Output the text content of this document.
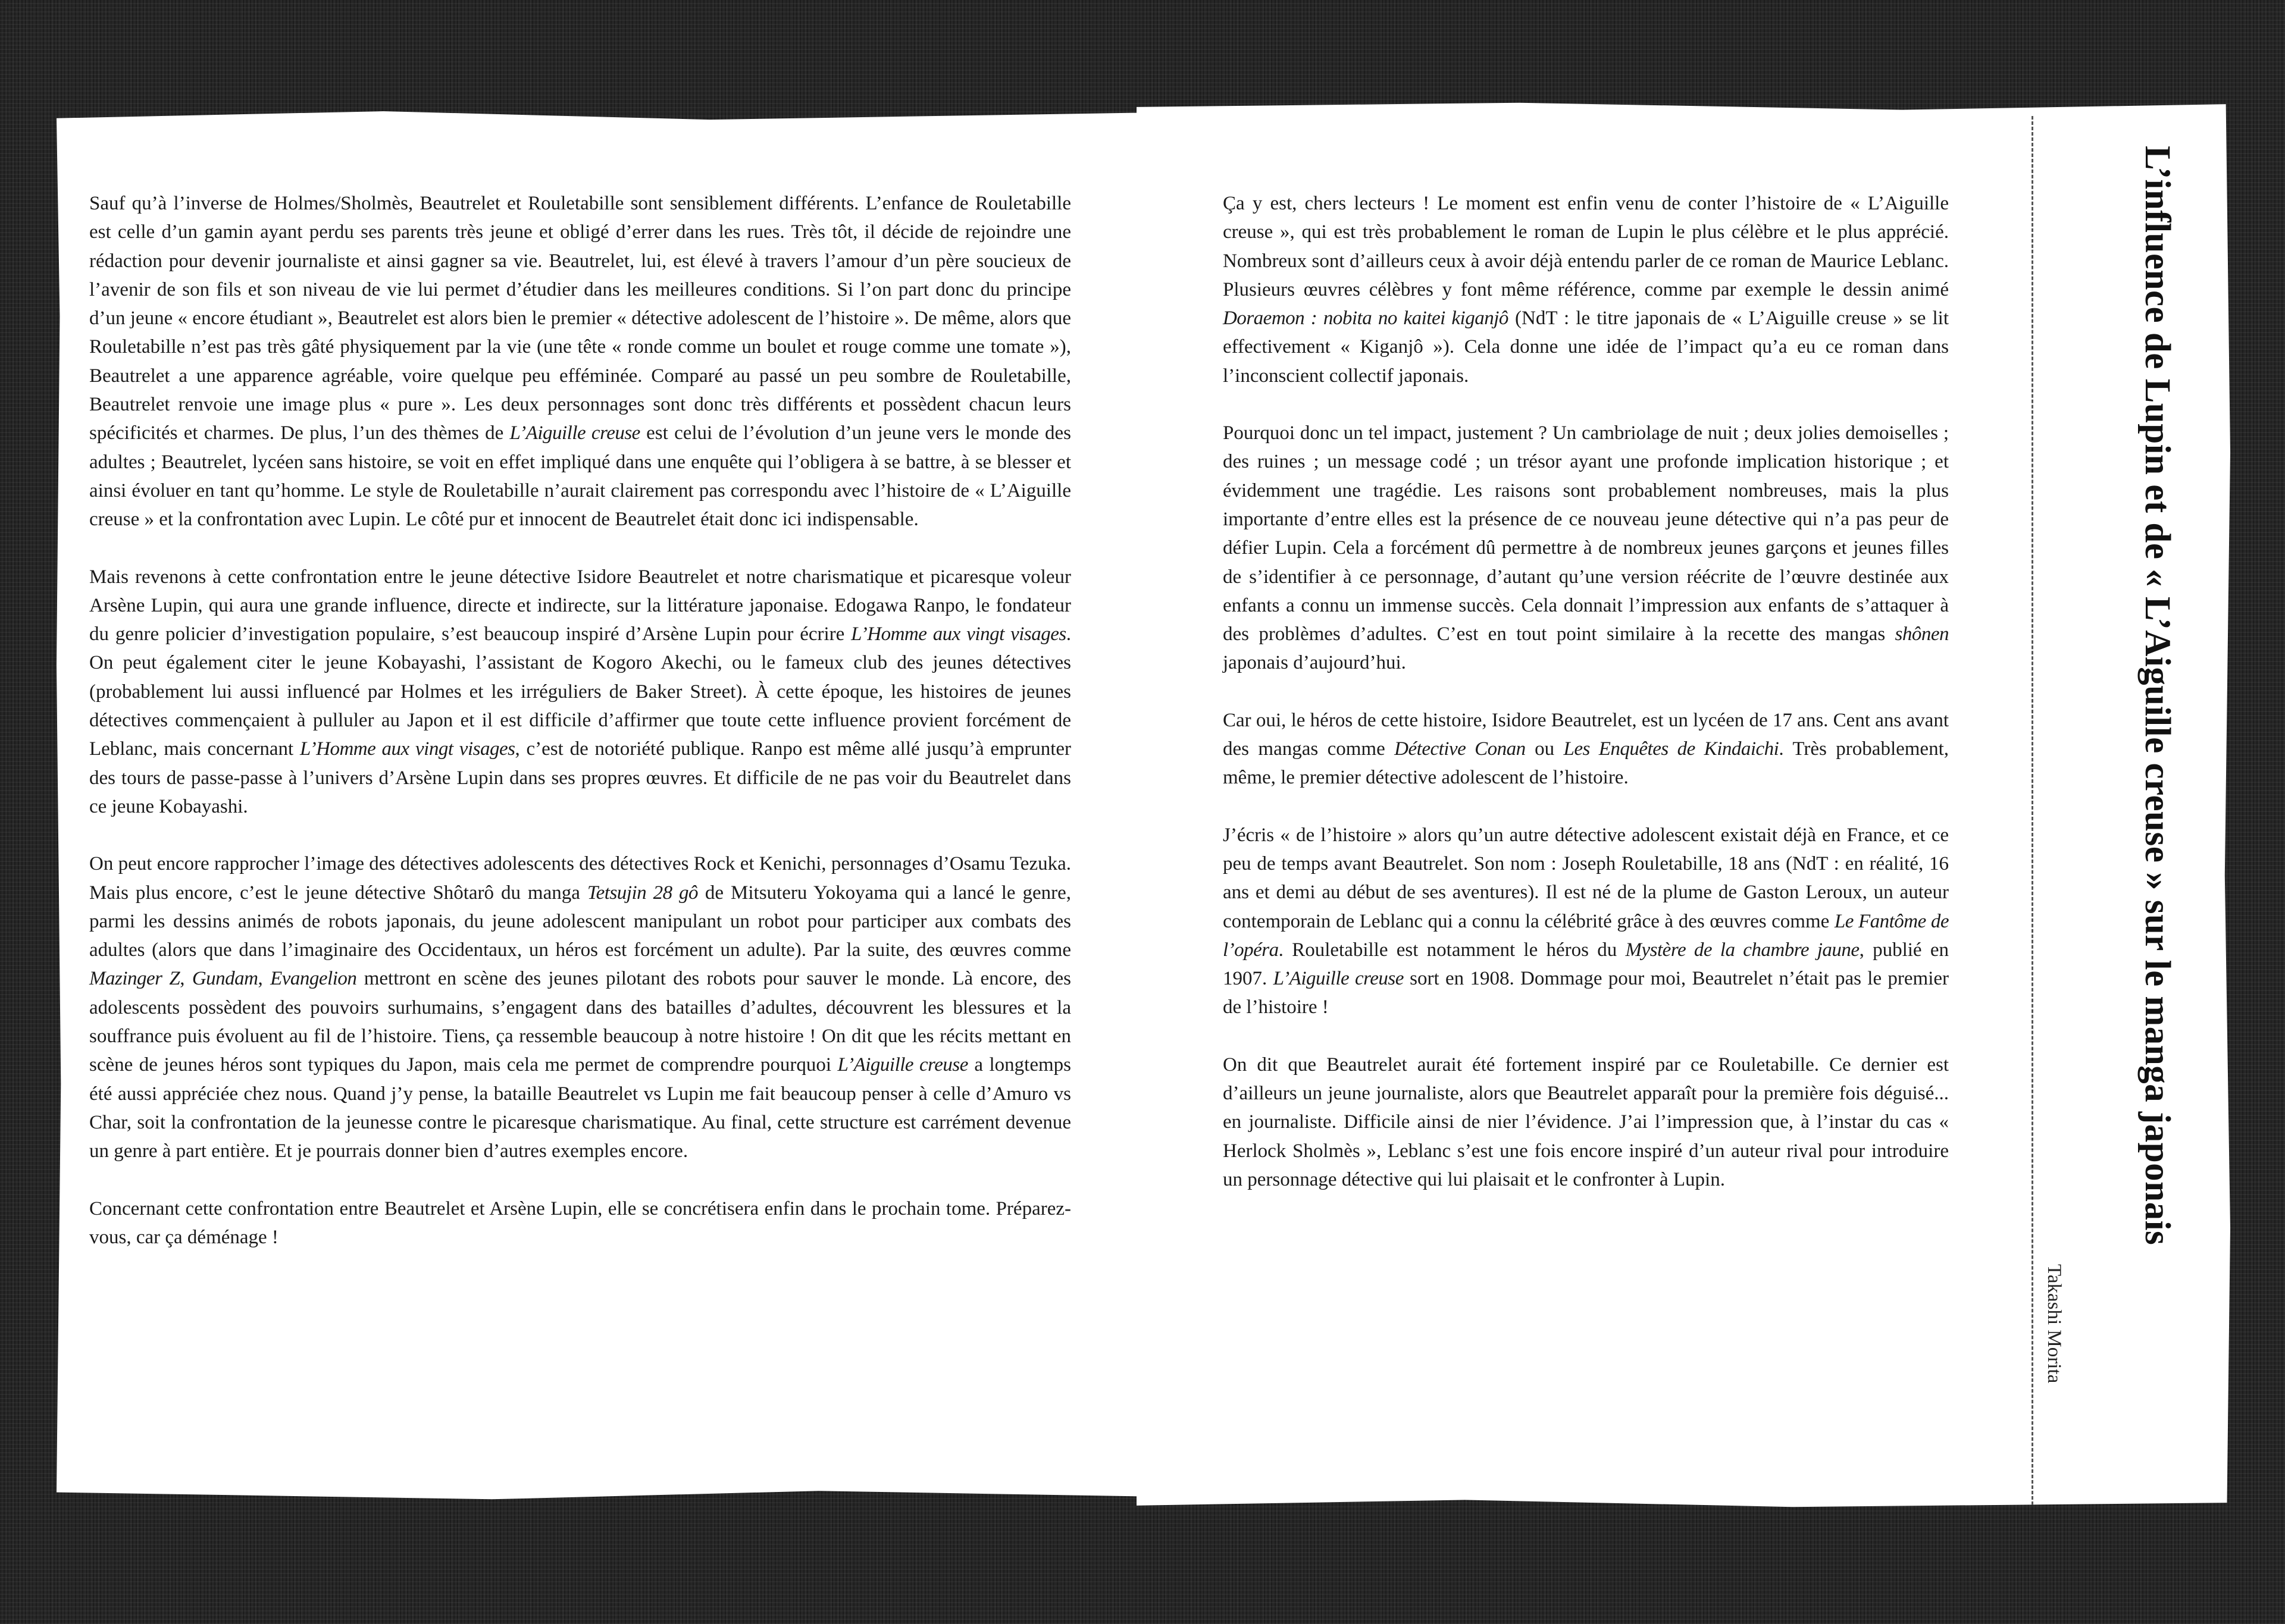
Sauf qu’à l’inverse de Holmes/Sholmès, Beautrelet et Rouletabille sont sensiblement différents. L’enfance de Rouletabille est celle d’un gamin ayant perdu ses parents très jeune et obligé d’errer dans les rues. Très tôt, il décide de rejoindre une rédaction pour devenir journaliste et ainsi gagner sa vie. Beautrelet, lui, est élevé à travers l’amour d’un père soucieux de l’avenir de son fils et son niveau de vie lui permet d’étudier dans les meilleures conditions. Si l’on part donc du principe d’un jeune « encore étudiant », Beautrelet est alors bien le premier « détective adolescent de l’histoire ». De même, alors que Rouletabille n’est pas très gâté physiquement par la vie (une tête « ronde comme un boulet et rouge comme une tomate »), Beautrelet a une apparence agréable, voire quelque peu efféminée. Comparé au passé un peu sombre de Rouletabille, Beautrelet renvoie une image plus « pure ». Les deux personnages sont donc très différents et possèdent chacun leurs spécificités et charmes. De plus, l’un des thèmes de L’Aiguille creuse est celui de l’évolution d’un jeune vers le monde des adultes ; Beautrelet, lycéen sans histoire, se voit en effet impliqué dans une enquête qui l’obligera à se battre, à se blesser et ainsi évoluer en tant qu’homme. Le style de Rouletabille n’aurait clairement pas correspondu avec l’histoire de « L’Aiguille creuse » et la confrontation avec Lupin. Le côté pur et innocent de Beautrelet était donc ici indispensable.

Mais revenons à cette confrontation entre le jeune détective Isidore Beautrelet et notre charismatique et picaresque voleur Arsène Lupin, qui aura une grande influence, directe et indirecte, sur la littérature japonaise. Edogawa Ranpo, le fondateur du genre policier d’investigation populaire, s’est beaucoup inspiré d’Arsène Lupin pour écrire L’Homme aux vingt visages. On peut également citer le jeune Kobayashi, l’assistant de Kogoro Akechi, ou le fameux club des jeunes détectives (probablement lui aussi influencé par Holmes et les irréguliers de Baker Street). À cette époque, les histoires de jeunes détectives commençaient à pulluler au Japon et il est difficile d’affirmer que toute cette influence provient forcément de Leblanc, mais concernant L’Homme aux vingt visages, c’est de notoriété publique. Ranpo est même allé jusqu’à emprunter des tours de passe-passe à l’univers d’Arsène Lupin dans ses propres œuvres. Et difficile de ne pas voir du Beautrelet dans ce jeune Kobayashi.

On peut encore rapprocher l’image des détectives adolescents des détectives Rock et Kenichi, personnages d’Osamu Tezuka. Mais plus encore, c’est le jeune détective Shôtarô du manga Tetsujin 28 gô de Mitsuteru Yokoyama qui a lancé le genre, parmi les dessins animés de robots japonais, du jeune adolescent manipulant un robot pour participer aux combats des adultes (alors que dans l’imaginaire des Occidentaux, un héros est forcément un adulte). Par la suite, des œuvres comme Mazinger Z, Gundam, Evangelion mettront en scène des jeunes pilotant des robots pour sauver le monde. Là encore, des adolescents possèdent des pouvoirs surhumains, s’engagent dans des batailles d’adultes, découvrent les blessures et la souffrance puis évoluent au fil de l’histoire. Tiens, ça ressemble beaucoup à notre histoire ! On dit que les récits mettant en scène de jeunes héros sont typiques du Japon, mais cela me permet de comprendre pourquoi L’Aiguille creuse a longtemps été aussi appréciée chez nous. Quand j’y pense, la bataille Beautrelet vs Lupin me fait beaucoup penser à celle d’Amuro vs Char, soit la confrontation de la jeunesse contre le picaresque charismatique. Au final, cette structure est carrément devenue un genre à part entière. Et je pourrais donner bien d’autres exemples encore.

Concernant cette confrontation entre Beautrelet et Arsène Lupin, elle se concrétisera enfin dans le prochain tome. Préparez-vous, car ça déménage !

Ça y est, chers lecteurs ! Le moment est enfin venu de conter l’histoire de « L’Aiguille creuse », qui est très probablement le roman de Lupin le plus célèbre et le plus apprécié. Nombreux sont d’ailleurs ceux à avoir déjà entendu parler de ce roman de Maurice Leblanc. Plusieurs œuvres célèbres y font même référence, comme par exemple le dessin animé Doraemon : nobita no kaitei kiganjô (NdT : le titre japonais de « L’Aiguille creuse » se lit effectivement « Kiganjô »). Cela donne une idée de l’impact qu’a eu ce roman dans l’inconscient collectif japonais.

Pourquoi donc un tel impact, justement ? Un cambriolage de nuit ; deux jolies demoiselles ; des ruines ; un message codé ; un trésor ayant une profonde implication historique ; et évidemment une tragédie. Les raisons sont probablement nombreuses, mais la plus importante d’entre elles est la présence de ce nouveau jeune détective qui n’a pas peur de défier Lupin. Cela a forcément dû permettre à de nombreux jeunes garçons et jeunes filles de s’identifier à ce personnage, d’autant qu’une version réécrite de l’œuvre destinée aux enfants a connu un immense succès. Cela donnait l’impression aux enfants de s’attaquer à des problèmes d’adultes. C’est en tout point similaire à la recette des mangas shônen japonais d’aujourd’hui.

Car oui, le héros de cette histoire, Isidore Beautrelet, est un lycéen de 17 ans. Cent ans avant des mangas comme Détective Conan ou Les Enquêtes de Kindaichi. Très probablement, même, le premier détective adolescent de l’histoire.

J’écris « de l’histoire » alors qu’un autre détective adolescent existait déjà en France, et ce peu de temps avant Beautrelet. Son nom : Joseph Rouletabille, 18 ans (NdT : en réalité, 16 ans et demi au début de ses aventures). Il est né de la plume de Gaston Leroux, un auteur contemporain de Leblanc qui a connu la célébrité grâce à des œuvres comme Le Fantôme de l’opéra. Rouletabille est notamment le héros du Mystère de la chambre jaune, publié en 1907. L’Aiguille creuse sort en 1908. Dommage pour moi, Beautrelet n’était pas le premier de l’histoire !

On dit que Beautrelet aurait été fortement inspiré par ce Rouletabille. Ce dernier est d’ailleurs un jeune journaliste, alors que Beautrelet apparaît pour la première fois déguisé... en journaliste. Difficile ainsi de nier l’évidence. J’ai l’impression que, à l’instar du cas « Herlock Sholmès », Leblanc s’est une fois encore inspiré d’un auteur rival pour introduire un personnage détective qui lui plaisait et le confronter à Lupin.	L’influence de Lupin et de « L’Aiguille creuse » sur le manga japonais
Takashi Morita
